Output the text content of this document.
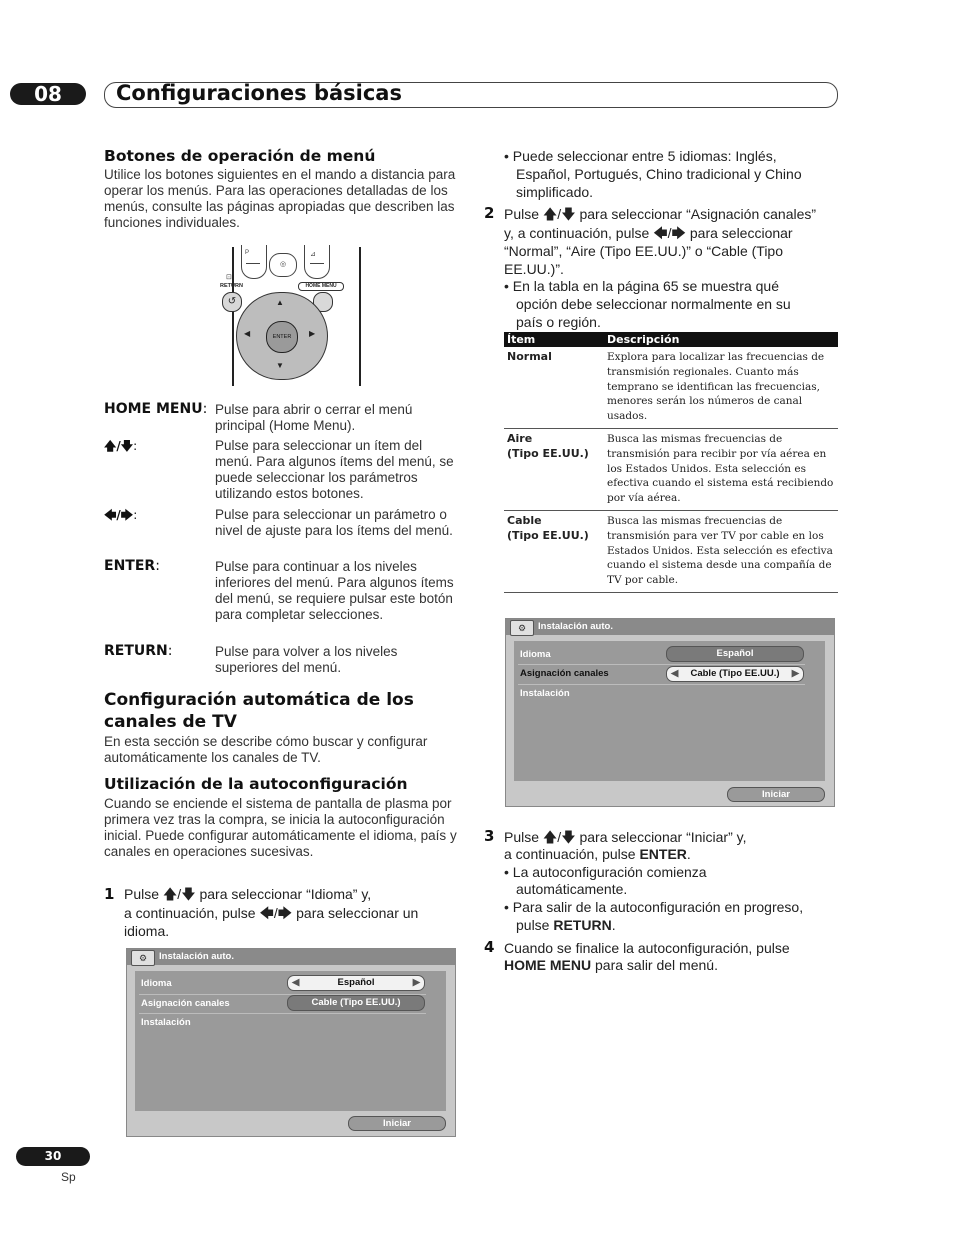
08	Configuraciones básicas
Botones de operación de menú
Utilice los botones siguientes en el mando a distancia para operar los menús. Para las operaciones detalladas de los menús, consulte las páginas apropiadas que describen las funciones individuales.
P
◎
⊿
⊡
RETURN	HOME MENU
↺	▲
▼
◀	▶
ENTER
HOME MENU: Pulse para abrir o cerrar el menú principal (Home Menu).
🡅/🡇:	Pulse para seleccionar un ítem del menú. Para algunos ítems del menú, se puede seleccionar los parámetros utilizando estos botones.
🡄/🡆:	Pulse para seleccionar un parámetro o nivel de ajuste para los ítems del menú.
ENTER:	Pulse para continuar a los niveles inferiores del menú. Para algunos ítems del menú, se requiere pulsar este botón para completar selecciones.
RETURN:	Pulse para volver a los niveles superiores del menú.
Configuración automática de los
canales de TV
En esta sección se describe cómo buscar y configurar automáticamente los canales de TV.
Utilización de la autoconfiguración
Cuando se enciende el sistema de pantalla de plasma por primera vez tras la compra, se inicia la autoconfiguración inicial. Puede configurar automáticamente el idioma, país y canales en operaciones sucesivas.
1 Pulse 🡅/🡇 para seleccionar “Idioma” y,
a continuación, pulse 🡄/🡆 para seleccionar un
idioma.
Instalación auto.
⚙
Idioma	◀	Español	▶
Asignación canales	Cable (Tipo EE.UU.)
Instalación
Iniciar
• Puede seleccionar entre 5 idiomas: Inglés,
Español, Portugués, Chino tradicional y Chino
simplificado.
2 Pulse 🡅/🡇 para seleccionar “Asignación canales”
y, a continuación, pulse 🡄/🡆 para seleccionar
“Normal”, “Aire (Tipo EE.UU.)” o “Cable (Tipo
EE.UU.)”.
• En la tabla en la página 65 se muestra qué
opción debe seleccionar normalmente en su
país o región.
Ítem	Descripción
Normal	Explora para localizar las frecuencias de transmisión regionales. Cuanto más temprano se identifican las frecuencias, menores serán los números de canal usados.
Aire
(Tipo EE.UU.)	Busca las mismas frecuencias de transmisión para recibir por vía aérea en los Estados Unidos. Esta selección es efectiva cuando el sistema está recibiendo por vía aérea.
Cable
(Tipo EE.UU.)	Busca las mismas frecuencias de transmisión para ver TV por cable en los Estados Unidos. Esta selección es efectiva cuando el sistema desde una compañía de TV por cable.
Instalación auto.
⚙
Idioma	Español
Asignación canales	◀ Cable (Tipo EE.UU.) ▶
Instalación
Iniciar
3 Pulse 🡅/🡇 para seleccionar “Iniciar” y,
a continuación, pulse ENTER.
• La autoconfiguración comienza
automáticamente.
• Para salir de la autoconfiguración en progreso,
pulse RETURN.
4 Cuando se finalice la autoconfiguración, pulse
HOME MENU para salir del menú.
30
Sp
